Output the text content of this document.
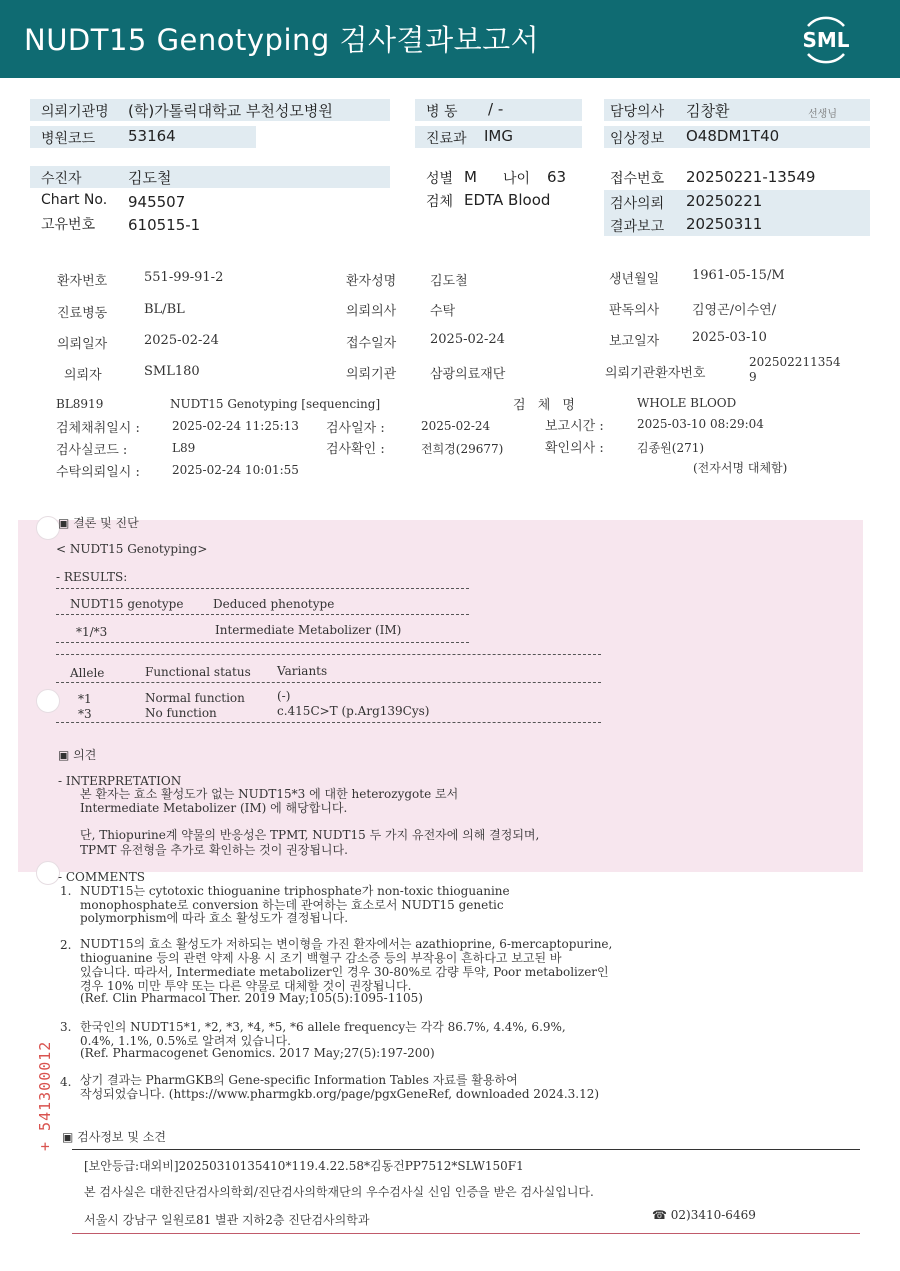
NUDT15 Genotyping 검사결과보고서	SML
의뢰기관명 (학)가톨릭대학교 부천성모병원
병원코드 53164
병 동 / -
진료과 IMG
담당의사 김창환	선생님
임상정보 O48DM1T40
수진자	김도철
Chart No. 945507
고유번호 610515-1
성별 M 나이 63
검체 EDTA Blood
접수번호 20250221-13549
검사의뢰 20250221
결과보고 20250311
환자번호	551-99-91-2	환자성명	김도철	생년월일	1961-05-15/M
진료병동	BL/BL	의뢰의사	수탁	판독의사	김영곤/이수연/
의뢰일자	2025-02-24	접수일자	2025-02-24	보고일자	2025-03-10
의뢰자	SML180	의뢰기관	삼광의료재단	의뢰기관환자번호
202502211354
9
BL8919	NUDT15 Genotyping [sequencing]	검 체 명	WHOLE BLOOD
검체채취일시 :	2025-02-24 11:25:13 검사일자 :	2025-02-24	보고시간 :	2025-03-10 08:29:04
검사실코드 :	L89	검사확인 :	전희경(29677)	확인의사 :	김종원(271)
수탁의뢰일시 :	2025-02-24 10:01:55	(전자서명 대체함)
▣ 결론 및 진단
< NUDT15 Genotyping>
- RESULTS:
NUDT15 genotype Deduced phenotype
*1/*3	Intermediate Metabolizer (IM)
Allele	Functional status Variants
*1	Normal function	(-)
*3	No function	c.415C>T (p.Arg139Cys)
▣ 의견
- INTERPRETATION
본 환자는 효소 활성도가 없는 NUDT15*3 에 대한 heterozygote 로서
Intermediate Metabolizer (IM) 에 해당합니다.
단, Thiopurine계 약물의 반응성은 TPMT, NUDT15 두 가지 유전자에 의해 결정되며,
TPMT 유전형을 추가로 확인하는 것이 권장됩니다.
- COMMENTS
1. NUDT15는 cytotoxic thioguanine triphosphate가 non-toxic thioguanine
monophosphate로 conversion 하는데 관여하는 효소로서 NUDT15 genetic
polymorphism에 따라 효소 활성도가 결정됩니다.
2. NUDT15의 효소 활성도가 저하되는 변이형을 가진 환자에서는 azathioprine, 6-mercaptopurine,
thioguanine 등의 관련 약제 사용 시 조기 백혈구 감소증 등의 부작용이 흔하다고 보고된 바
있습니다. 따라서, Intermediate metabolizer인 경우 30-80%로 감량 투약, Poor metabolizer인
경우 10% 미만 투약 또는 다른 약물로 대체할 것이 권장됩니다.
(Ref. Clin Pharmacol Ther. 2019 May;105(5):1095-1105)
3. 한국인의 NUDT15*1, *2, *3, *4, *5, *6 allele frequency는 각각 86.7%, 4.4%, 6.9%,
0.4%, 1.1%, 0.5%로 알려져 있습니다.
(Ref. Pharmacogenet Genomics. 2017 May;27(5):197-200)
4. 상기 결과는 PharmGKB의 Gene-specific Information Tables 자료를 활용하여
작성되었습니다. (https://www.pharmgkb.org/page/pgxGeneRef, downloaded 2024.3.12)
+ 541300012 ▣ 검사정보 및 소견
[보안등급:대외비]20250310135410*119.4.22.58*김동건PP7512*SLW150F1
본 검사실은 대한진단검사의학회/진단검사의학재단의 우수검사실 신임 인증을 받은 검사실입니다.
서울시 강남구 일원로81 별관 지하2층 진단검사의학과	☎ 02)3410-6469
